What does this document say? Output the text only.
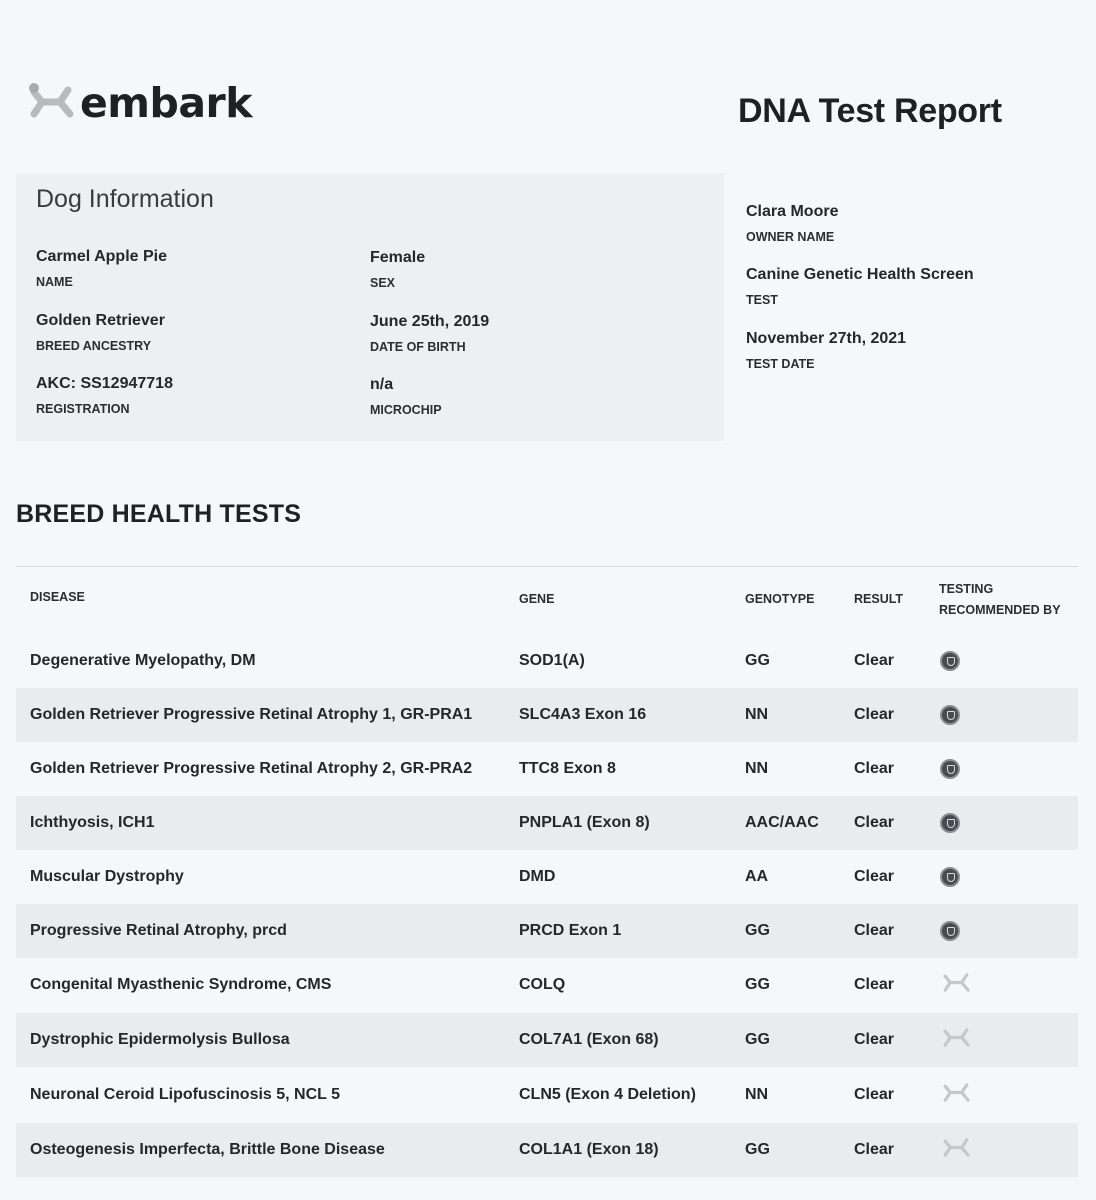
embark	DNA Test Report
Dog Information
Carmel Apple Pie
NAME
Female
SEX
Golden Retriever
BREED ANCESTRY
June 25th, 2019
DATE OF BIRTH
AKC: SS12947718
REGISTRATION
n/a
MICROCHIP
Clara Moore
OWNER NAME
Canine Genetic Health Screen
TEST
November 27th, 2021
TEST DATE
BREED HEALTH TESTS
DISEASE	GENE	GENOTYPE	RESULT
TESTING
RECOMMENDED BY
Degenerative Myelopathy, DM	SOD1(A)	GG	Clear
Golden Retriever Progressive Retinal Atrophy 1, GR-PRA1	SLC4A3 Exon 16	NN	Clear
Golden Retriever Progressive Retinal Atrophy 2, GR-PRA2	TTC8 Exon 8	NN	Clear
Ichthyosis, ICH1	PNPLA1 (Exon 8)	AAC/AAC Clear
Muscular Dystrophy	DMD	AA	Clear
Progressive Retinal Atrophy, prcd	PRCD Exon 1	GG	Clear
Congenital Myasthenic Syndrome, CMS	COLQ	GG	Clear
Dystrophic Epidermolysis Bullosa	COL7A1 (Exon 68)	GG	Clear
Neuronal Ceroid Lipofuscinosis 5, NCL 5	CLN5 (Exon 4 Deletion)	NN	Clear
Osteogenesis Imperfecta, Brittle Bone Disease	COL1A1 (Exon 18)	GG	Clear
